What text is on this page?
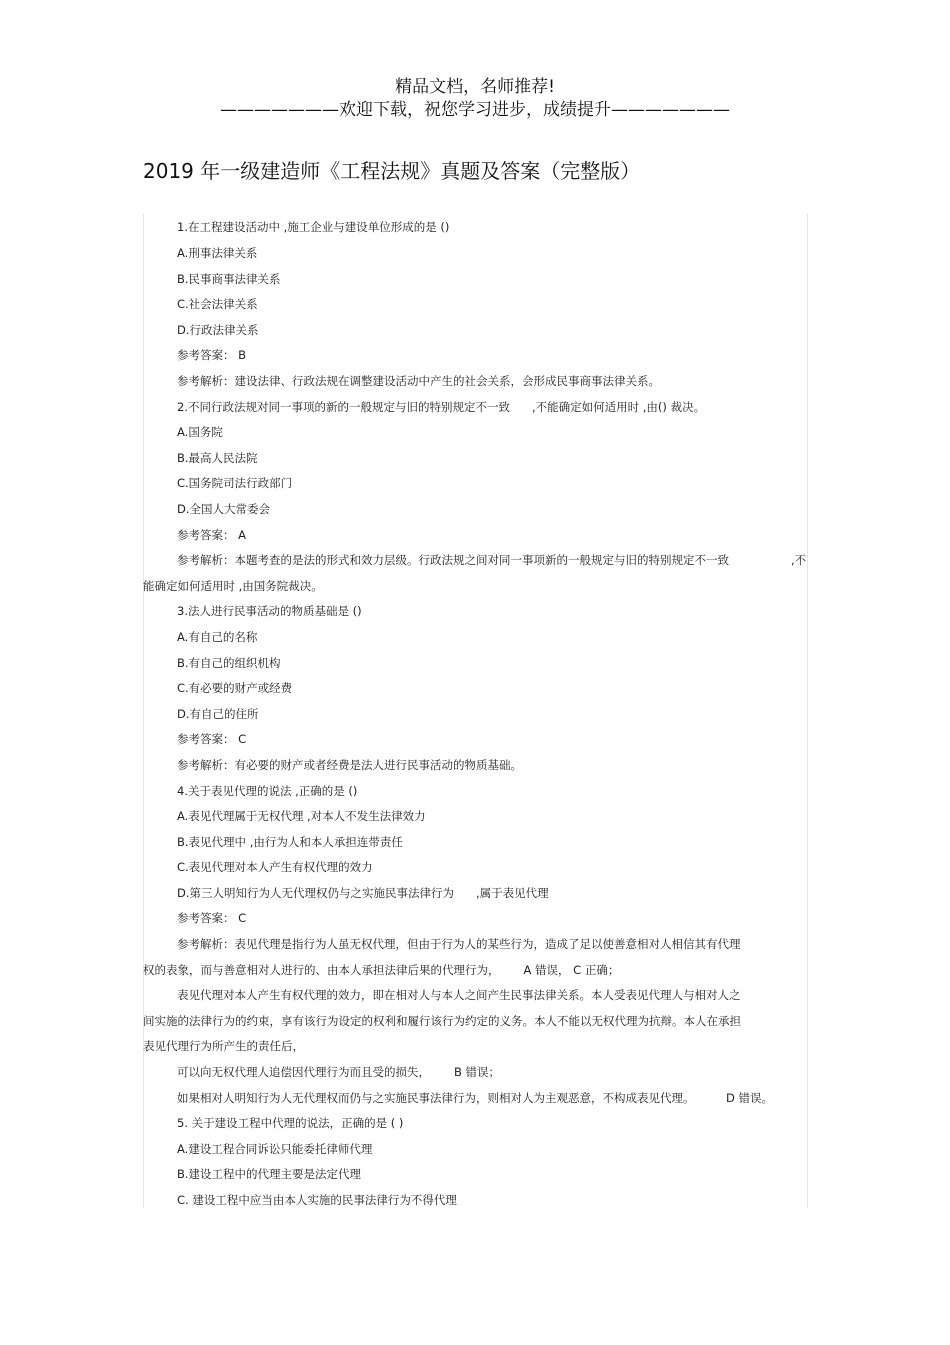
精品文档，名师推荐!
———————欢迎下载，祝您学习进步，成绩提升———————
2019 年一级建造师《工程法规》真题及答案（完整版）
1.在工程建设活动中 ,施工企业与建设单位形成的是 ()
A.刑事法律关系
B.民事商事法律关系
C.社会法律关系
D.行政法律关系
参考答案： B
参考解析：建设法律、行政法规在调整建设活动中产生的社会关系，会形成民事商事法律关系。
2.不同行政法规对同一事项的新的一般规定与旧的特别规定不一致 ,不能确定如何适用时 ,由() 裁决。
A.国务院
B.最高人民法院
C.国务院司法行政部门
D.全国人大常委会
参考答案： A
参考解析：本题考查的是法的形式和效力层级。行政法规之间对同一事项新的一般规定与旧的特别规定不一致	,不
能确定如何适用时 ,由国务院裁决。
3.法人进行民事活动的物质基础是 ()
A.有自己的名称
B.有自己的组织机构
C.有必要的财产或经费
D.有自己的住所
参考答案： C
参考解析：有必要的财产或者经费是法人进行民事活动的物质基础。
4.关于表见代理的说法 ,正确的是 ()
A.表见代理属于无权代理 ,对本人不发生法律效力
B.表见代理中 ,由行为人和本人承担连带责任
C.表见代理对本人产生有权代理的效力
D.第三人明知行为人无代理权仍与之实施民事法律行为 ,属于表见代理
参考答案： C
参考解析：表见代理是指行为人虽无权代理，但由于行为人的某些行为，造成了足以使善意相对人相信其有代理
权的表象，而与善意相对人进行的、由本人承担法律后果的代理行为， A 错误， C 正确；
表见代理对本人产生有权代理的效力，即在相对人与本人之间产生民事法律关系。本人受表见代理人与相对人之
间实施的法律行为的约束，享有该行为设定的权利和履行该行为约定的义务。本人不能以无权代理为抗辩。本人在承担
表见代理行为所产生的责任后，
可以向无权代理人追偿因代理行为而且受的损失， B 错误；
如果相对人明知行为人无代理权而仍与之实施民事法律行为，则相对人为主观恶意，不构成表见代理。	D 错误。
5. 关于建设工程中代理的说法，正确的是 ( )
A.建设工程合同诉讼只能委托律师代理
B.建设工程中的代理主要是法定代理
C. 建设工程中应当由本人实施的民事法律行为不得代理
